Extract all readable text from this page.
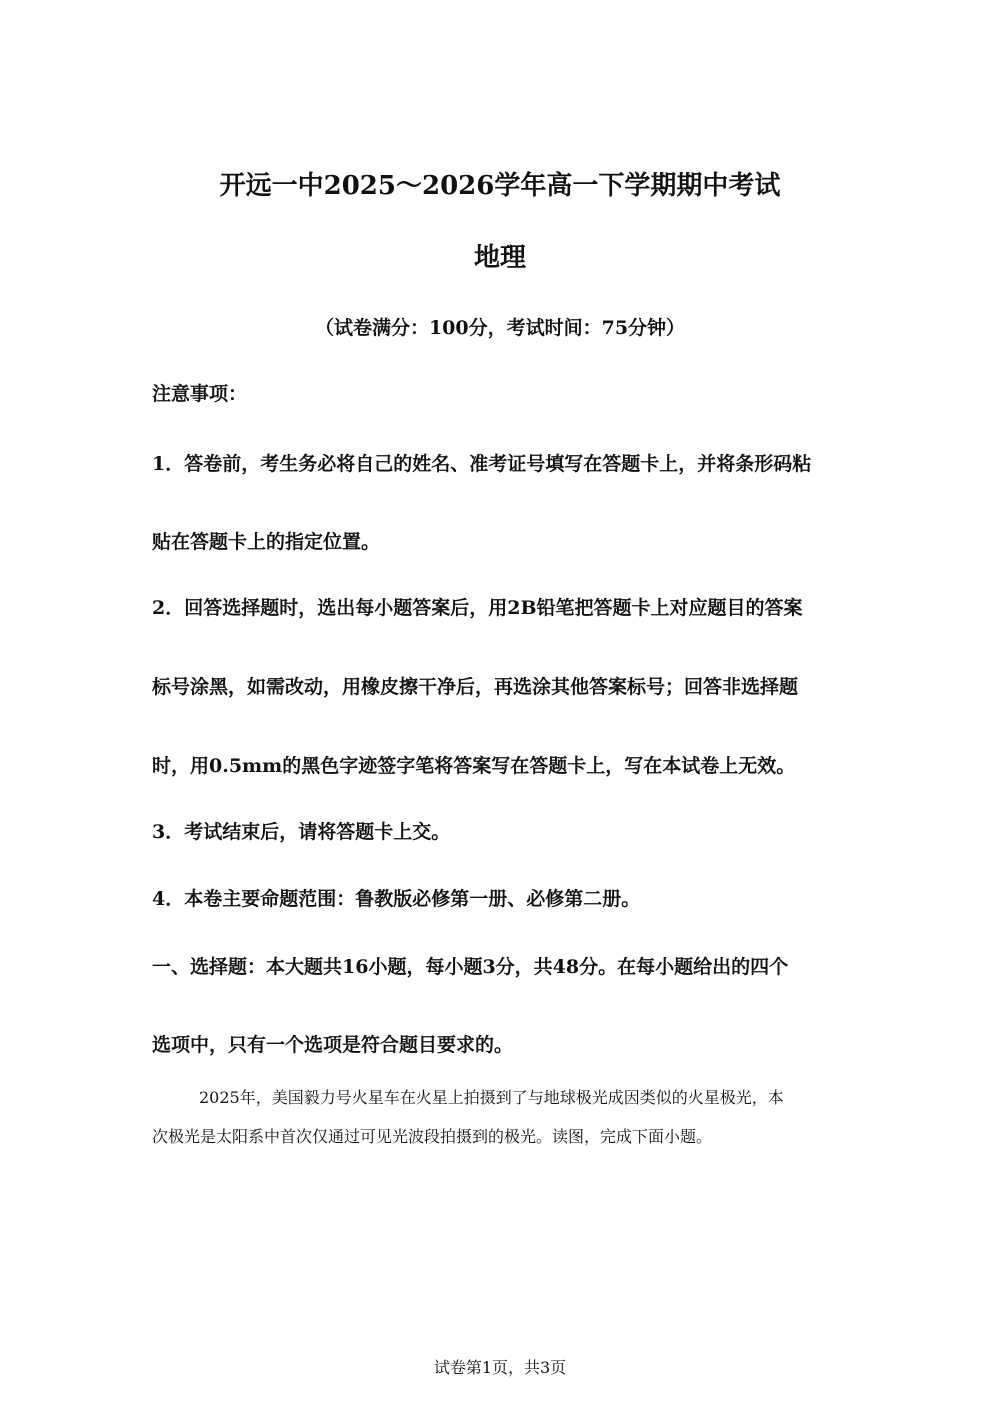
开远一中2025～2026学年高一下学期期中考试
地理
（试卷满分：100分，考试时间：75分钟）
注意事项：
1．答卷前，考生务必将自己的姓名、准考证号填写在答题卡上，并将条形码粘
贴在答题卡上的指定位置。
2．回答选择题时，选出每小题答案后，用2B铅笔把答题卡上对应题目的答案
标号涂黑，如需改动，用橡皮擦干净后，再选涂其他答案标号；回答非选择题
时，用0.5mm的黑色字迹签字笔将答案写在答题卡上，写在本试卷上无效。
3．考试结束后，请将答题卡上交。
4．本卷主要命题范围：鲁教版必修第一册、必修第二册。
一、选择题：本大题共16小题，每小题3分，共48分。在每小题给出的四个
选项中，只有一个选项是符合题目要求的。
2025年，美国毅力号火星车在火星上拍摄到了与地球极光成因类似的火星极光，本
次极光是太阳系中首次仅通过可见光波段拍摄到的极光。读图，完成下面小题。
试卷第1页，共3页
